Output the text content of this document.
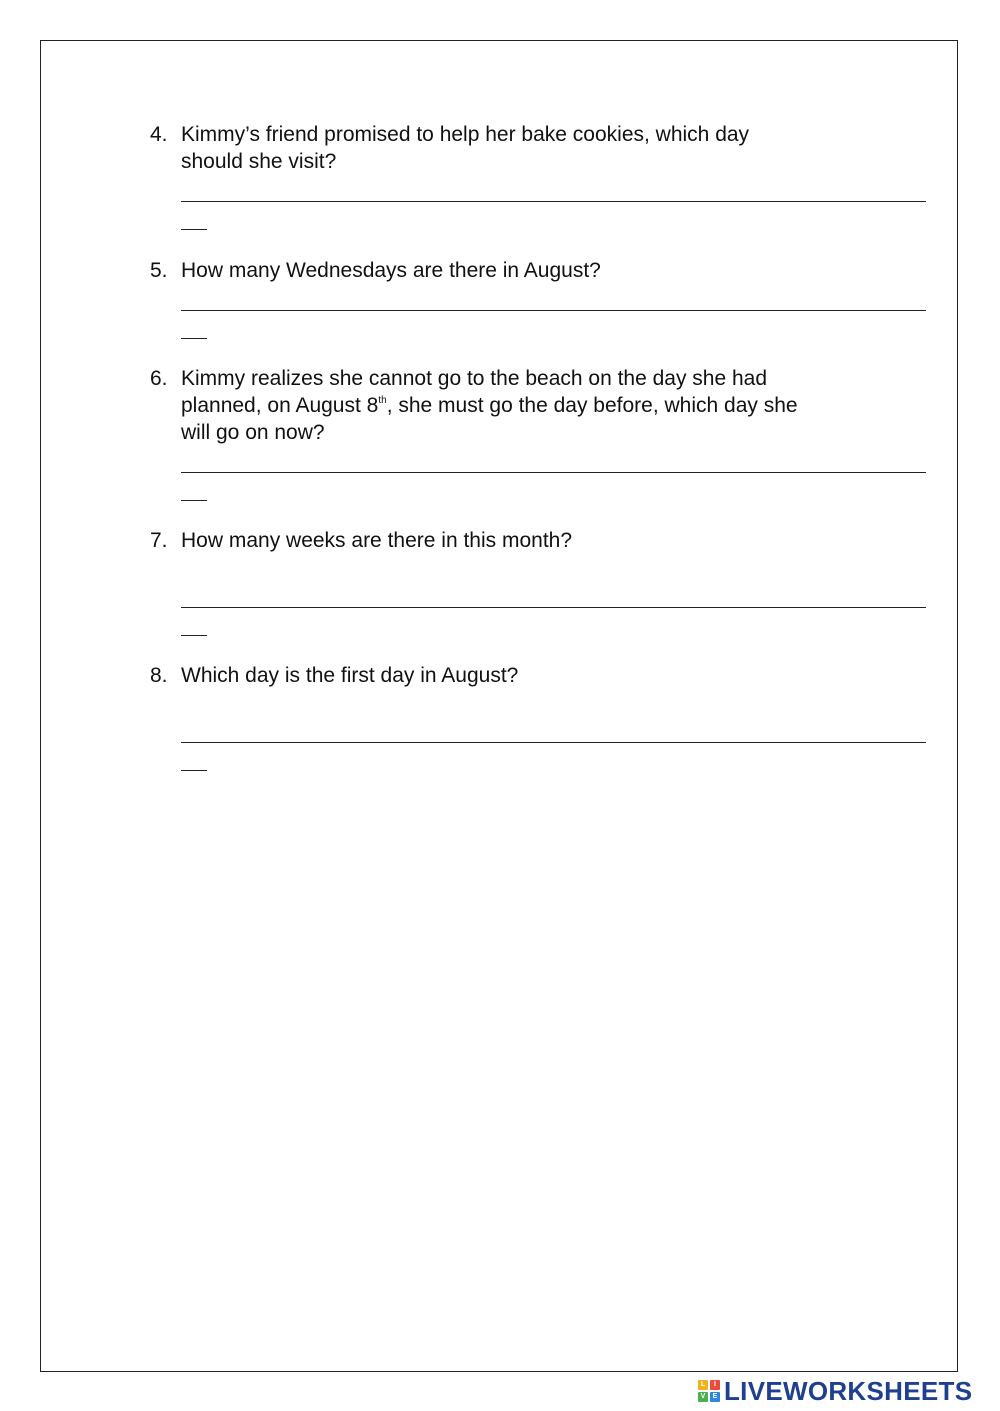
4. Kimmy’s friend promised to help her bake cookies, which day
should she visit?
5. How many Wednesdays are there in August?
6. Kimmy realizes she cannot go to the beach on the day she had
planned, on August 8th, she must go the day before, which day she
will go on now?
7. How many weeks are there in this month?
8. Which day is the first day in August?
L	I
V	E LIVEWORKSHEETS
